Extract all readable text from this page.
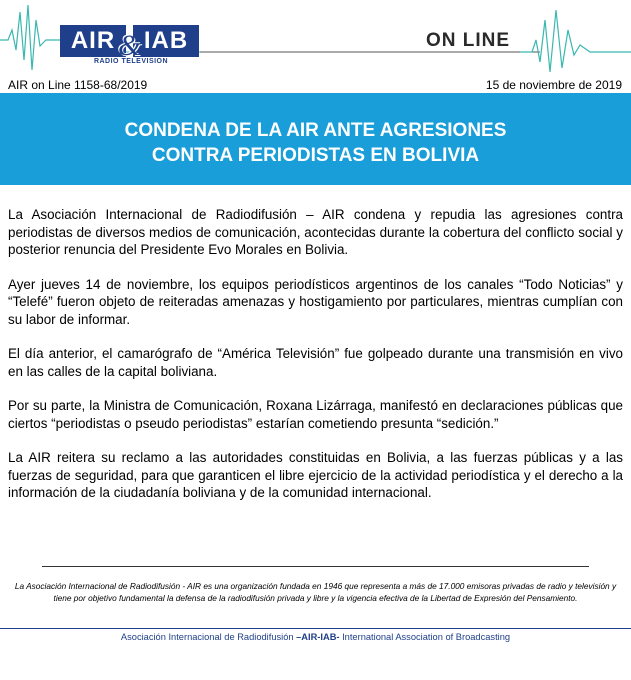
AIR	IAB
&
RADIO TELEVISION
ON LINE
AIR on Line 1158-68/2019	15 de noviembre de 2019
CONDENA DE LA AIR ANTE AGRESIONES
CONTRA PERIODISTAS EN BOLIVIA

La Asociación Internacional de Radiodifusión – AIR condena y repudia las agresiones contra periodistas de diversos medios de comunicación, acontecidas durante la cobertura del conflicto social y posterior renuncia del Presidente Evo Morales en Bolivia.

Ayer jueves 14 de noviembre, los equipos periodísticos argentinos de los canales “Todo Noticias” y “Telefé” fueron objeto de reiteradas amenazas y hostigamiento por particulares, mientras cumplían con su labor de informar.

El día anterior, el camarógrafo de “América Televisión” fue golpeado durante una transmisión en vivo en las calles de la capital boliviana.

Por su parte, la Ministra de Comunicación, Roxana Lizárraga, manifestó en declaraciones públicas que ciertos “periodistas o pseudo periodistas” estarían cometiendo presunta “sedición.”

La AIR reitera su reclamo a las autoridades constituidas en Bolivia, a las fuerzas públicas y a las fuerzas de seguridad, para que garanticen el libre ejercicio de la actividad periodística y el derecho a la información de la ciudadanía boliviana y de la comunidad internacional.

La Asociación Internacional de Radiodifusión - AIR es una organización fundada en 1946 que representa a más de 17.000 emisoras privadas de radio y televisión y tiene por objetivo fundamental la defensa de la radiodifusión privada y libre y la vigencia efectiva de la Libertad de Expresión del Pensamiento.
Asociación Internacional de Radiodifusión –AIR-IAB- International Association of Broadcasting
